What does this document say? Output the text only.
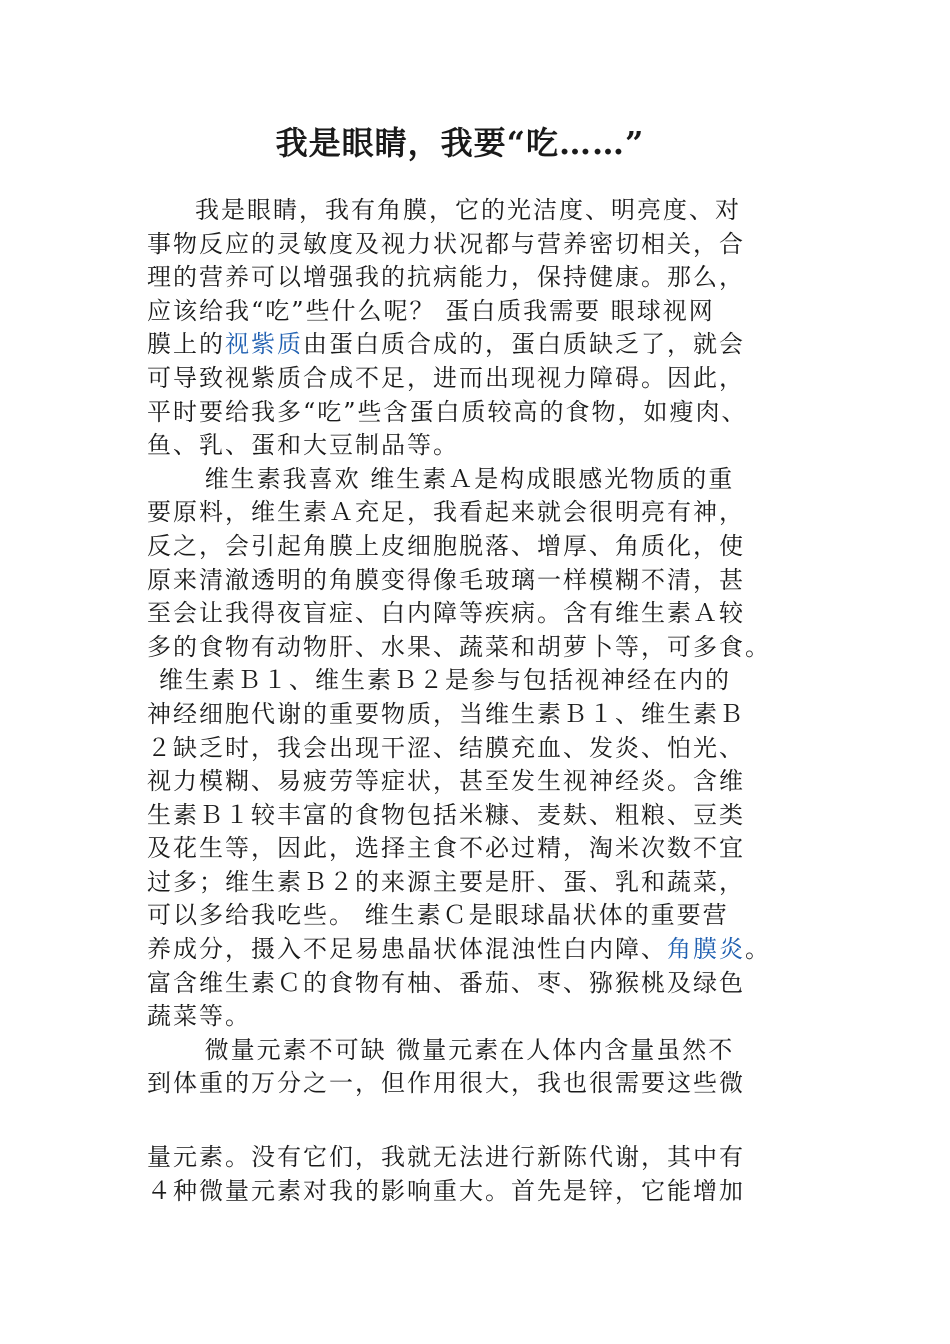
我是眼睛，我要“吃……”
我是眼睛，我有角膜，它的光洁度、明亮度、对
事物反应的灵敏度及视力状况都与营养密切相关，合
理的营养可以增强我的抗病能力，保持健康。那么，
应该给我“吃”些什么呢？ 蛋白质我需要 眼球视网
膜上的视紫质由蛋白质合成的，蛋白质缺乏了，就会
可导致视紫质合成不足，进而出现视力障碍。因此，
平时要给我多“吃”些含蛋白质较高的食物，如瘦肉、
鱼、乳、蛋和大豆制品等。
维生素我喜欢 维生素Ａ是构成眼感光物质的重
要原料，维生素Ａ充足，我看起来就会很明亮有神，
反之，会引起角膜上皮细胞脱落、增厚、角质化，使
原来清澈透明的角膜变得像毛玻璃一样模糊不清，甚
至会让我得夜盲症、白内障等疾病。含有维生素Ａ较
多的食物有动物肝、水果、蔬菜和胡萝卜等，可多食。
维生素Ｂ１、维生素Ｂ２是参与包括视神经在内的
神经细胞代谢的重要物质，当维生素Ｂ１、维生素Ｂ
２缺乏时，我会出现干涩、结膜充血、发炎、怕光、
视力模糊、易疲劳等症状，甚至发生视神经炎。含维
生素Ｂ１较丰富的食物包括米糠、麦麸、粗粮、豆类
及花生等，因此，选择主食不必过精，淘米次数不宜
过多；维生素Ｂ２的来源主要是肝、蛋、乳和蔬菜，
可以多给我吃些。 维生素Ｃ是眼球晶状体的重要营
养成分，摄入不足易患晶状体混浊性白内障、角膜炎。
富含维生素Ｃ的食物有柚、番茄、枣、猕猴桃及绿色
蔬菜等。
微量元素不可缺 微量元素在人体内含量虽然不
到体重的万分之一，但作用很大，我也很需要这些微
量元素。没有它们，我就无法进行新陈代谢，其中有
４种微量元素对我的影响重大。首先是锌，它能增加
